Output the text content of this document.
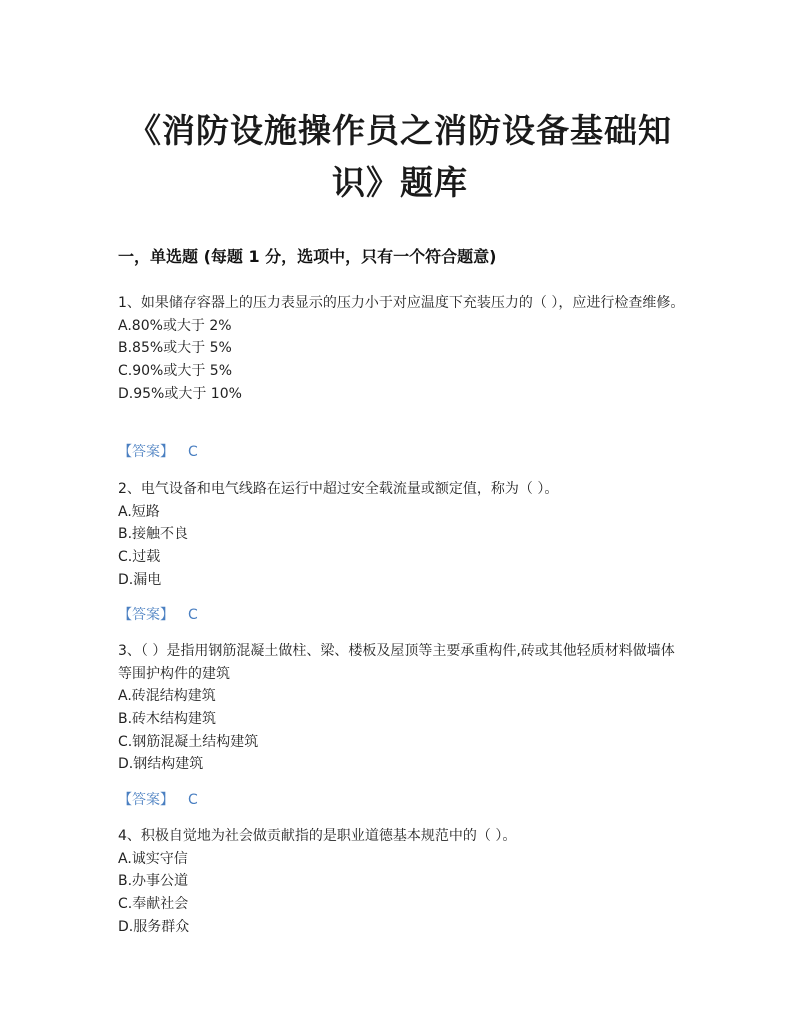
《消防设施操作员之消防设备基础知
识》题库
一，单选题 (每题 1 分，选项中，只有一个符合题意)
1、如果储存容器上的压力表显示的压力小于对应温度下充装压力的（ ），应进行检查维修。
A.80%或大于 2%
B.85%或大于 5%
C.90%或大于 5%
D.95%或大于 10%
【答案】 C
2、电气设备和电气线路在运行中超过安全载流量或额定值，称为（ ）。
A.短路
B.接触不良
C.过载
D.漏电
【答案】 C
3、（ ）是指用钢筋混凝土做柱、梁、楼板及屋顶等主要承重构件,砖或其他轻质材料做墙体等围护构件的建筑
A.砖混结构建筑
B.砖木结构建筑
C.钢筋混凝土结构建筑
D.钢结构建筑
【答案】 C
4、积极自觉地为社会做贡献指的是职业道德基本规范中的（ ）。
A.诚实守信
B.办事公道
C.奉献社会
D.服务群众
